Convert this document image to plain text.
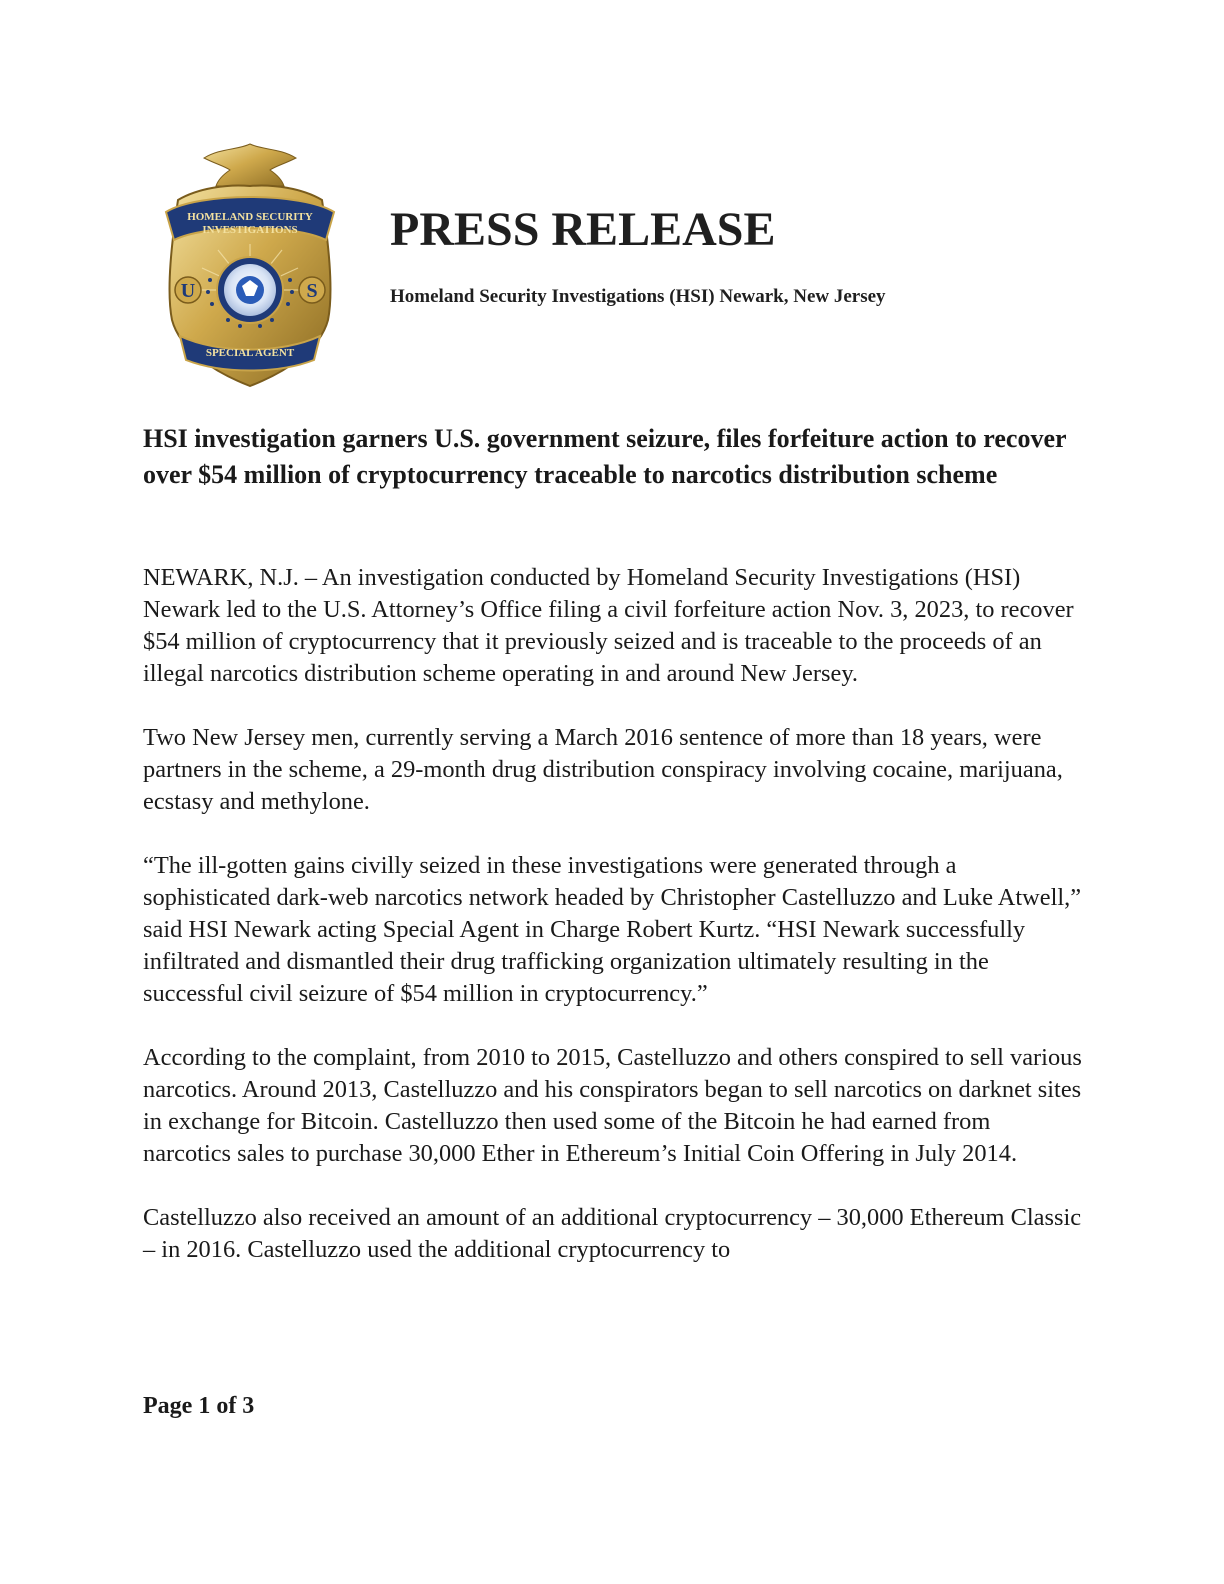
HOMELAND SECURITY
INVESTIGATIONS
U	S
SPECIAL AGENT
PRESS RELEASE
Homeland Security Investigations (HSI) Newark, New Jersey
HSI investigation garners U.S. government seizure, files forfeiture action to recover over $54 million of cryptocurrency traceable to narcotics distribution scheme

NEWARK, N.J. – An investigation conducted by Homeland Security Investigations (HSI) Newark led to the U.S. Attorney’s Office filing a civil forfeiture action Nov. 3, 2023, to recover $54 million of cryptocurrency that it previously seized and is traceable to the proceeds of an illegal narcotics distribution scheme operating in and around New Jersey.

Two New Jersey men, currently serving a March 2016 sentence of more than 18 years, were partners in the scheme, a 29-month drug distribution conspiracy involving cocaine, marijuana, ecstasy and methylone.

“The ill-gotten gains civilly seized in these investigations were generated through a sophisticated dark-web narcotics network headed by Christopher Castelluzzo and Luke Atwell,” said HSI Newark acting Special Agent in Charge Robert Kurtz. “HSI Newark successfully infiltrated and dismantled their drug trafficking organization ultimately resulting in the successful civil seizure of $54 million in cryptocurrency.”

According to the complaint, from 2010 to 2015, Castelluzzo and others conspired to sell various narcotics. Around 2013, Castelluzzo and his conspirators began to sell narcotics on darknet sites in exchange for Bitcoin. Castelluzzo then used some of the Bitcoin he had earned from narcotics sales to purchase 30,000 Ether in Ethereum’s Initial Coin Offering in July 2014.

Castelluzzo also received an amount of an additional cryptocurrency – 30,000 Ethereum Classic – in 2016. Castelluzzo used the additional cryptocurrency to

Page 1 of 3
